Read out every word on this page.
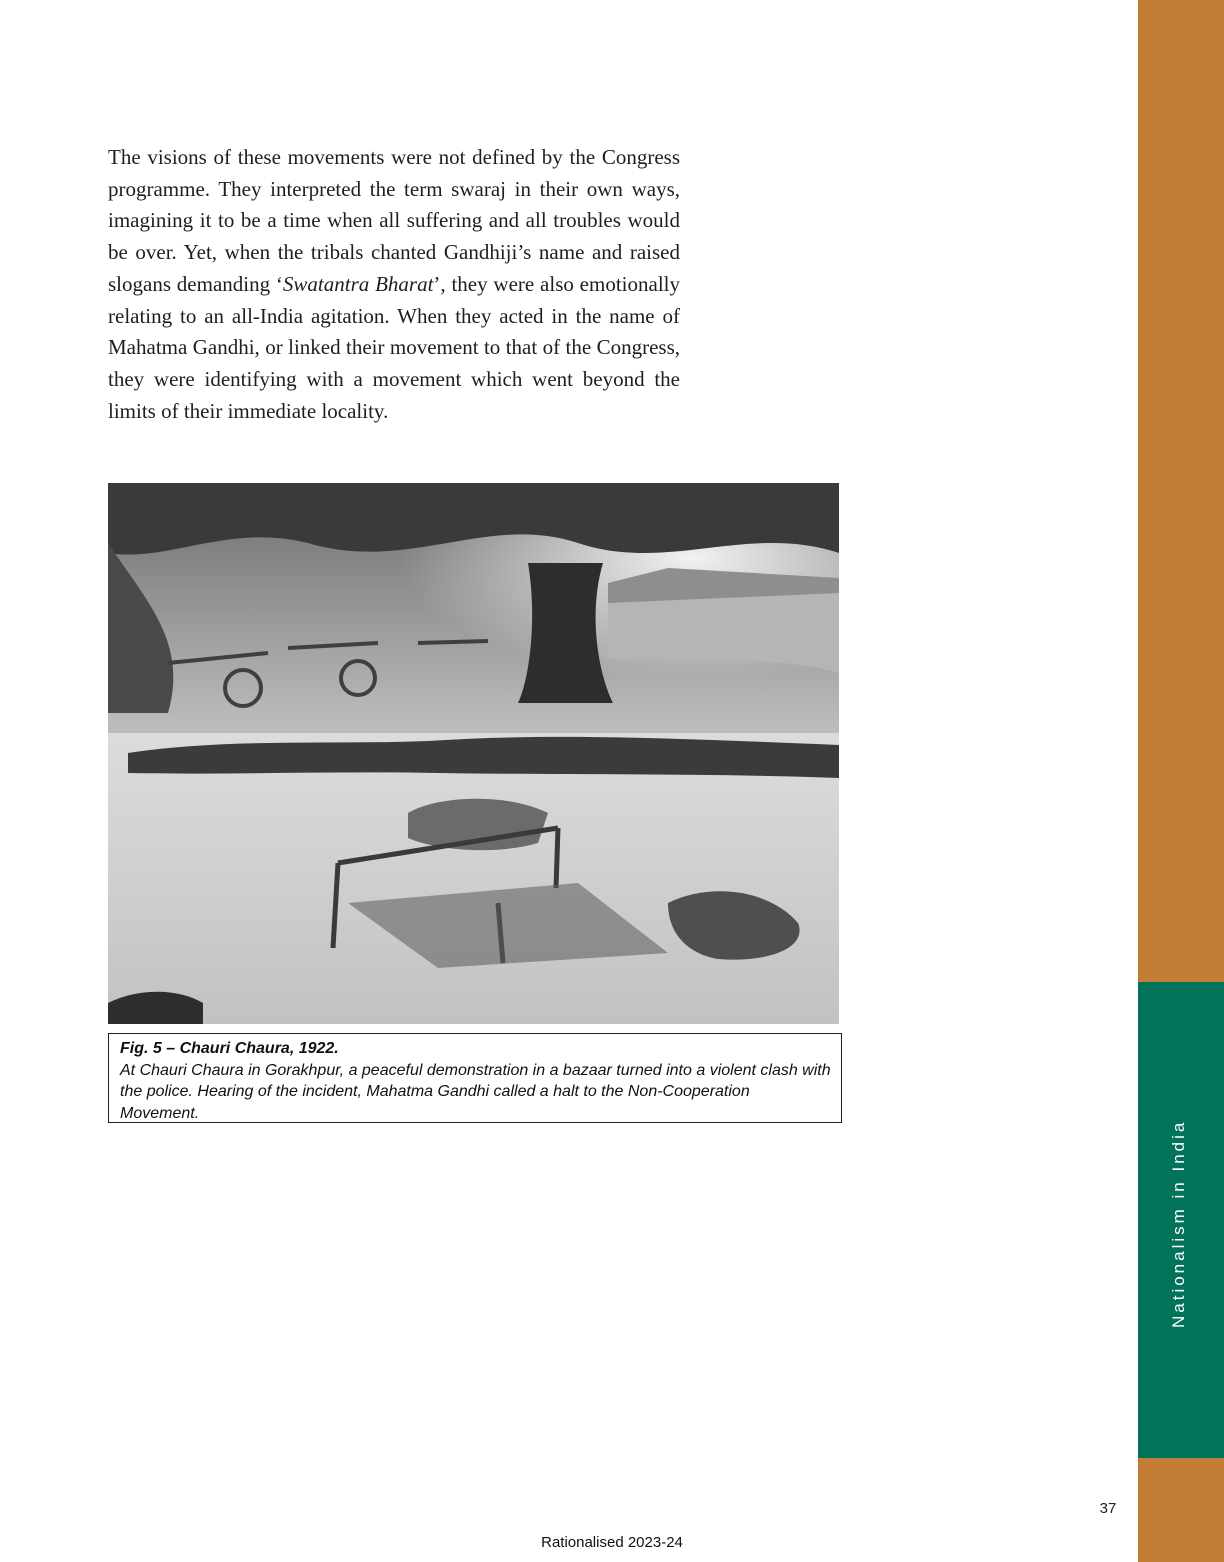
Nationalism in India

The visions of these movements were not defined by the Congress programme. They interpreted the term swaraj in their own ways, imagining it to be a time when all suffering and all troubles would be over. Yet, when the tribals chanted Gandhiji’s name and raised slogans demanding ‘Swatantra Bharat’, they were also emotionally relating to an all-India agitation. When they acted in the name of Mahatma Gandhi, or linked their movement to that of the Congress, they were identifying with a movement which went beyond the limits of their immediate locality.

Fig. 5 – Chauri Chaura, 1922.
At Chauri Chaura in Gorakhpur, a peaceful demonstration in a bazaar turned into a violent clash with the police. Hearing of the incident, Mahatma Gandhi called a halt to the Non-Cooperation Movement.
37
Rationalised 2023-24
